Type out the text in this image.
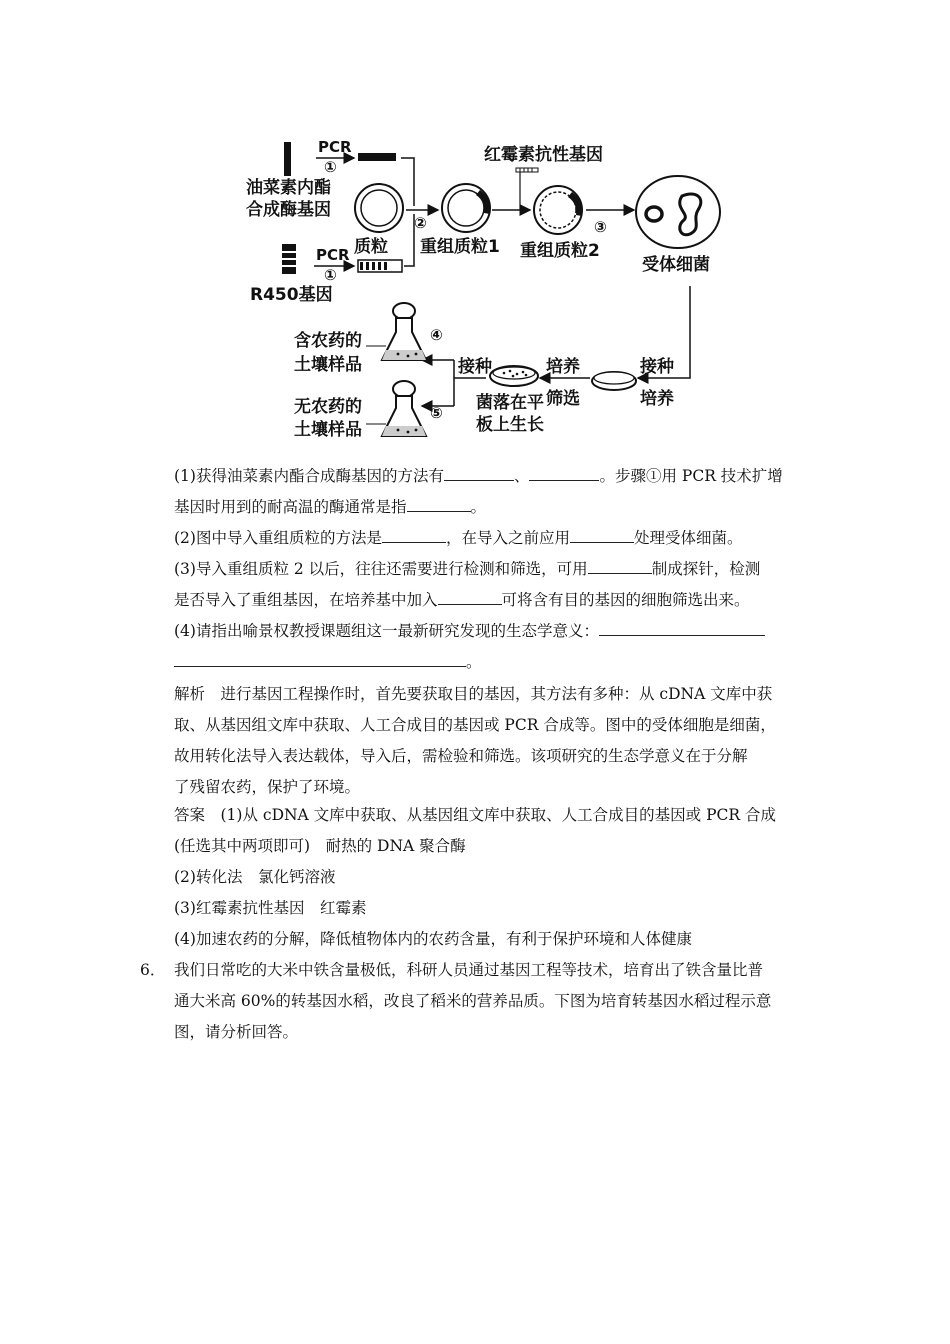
PCR
①
油菜素内酯
合成酶基因
质粒
②
重组质粒1
红霉素抗性基因
重组质粒2
③
受体细菌
R450基因
PCR
①
接种
培养
培养
筛选
菌落在平
板上生长
接种
④
⑤
含农药的
土壤样品
无农药的
土壤样品
(1)获得油菜素内酯合成酶基因的方法有	、	。步骤①用 PCR 技术扩增
基因时用到的耐高温的酶通常是指	。
(2)图中导入重组质粒的方法是	，在导入之前应用	处理受体细菌。
(3)导入重组质粒 2 以后，往往还需要进行检测和筛选，可用	制成探针，检测
是否导入了重组基因，在培养基中加入	可将含有目的基因的细胞筛选出来。
(4)请指出喻景权教授课题组这一最新研究发现的生态学意义：
。
解析　进行基因工程操作时，首先要获取目的基因，其方法有多种：从 cDNA 文库中获
取、从基因组文库中获取、人工合成目的基因或 PCR 合成等。图中的受体细胞是细菌，
故用转化法导入表达载体，导入后，需检验和筛选。该项研究的生态学意义在于分解
了残留农药，保护了环境。
答案　(1)从 cDNA 文库中获取、从基因组文库中获取、人工合成目的基因或 PCR 合成
(任选其中两项即可)　耐热的 DNA 聚合酶
(2)转化法　氯化钙溶液
(3)红霉素抗性基因　红霉素
(4)加速农药的分解，降低植物体内的农药含量，有利于保护环境和人体健康
6． 我们日常吃的大米中铁含量极低，科研人员通过基因工程等技术，培育出了铁含量比普
通大米高 60%的转基因水稻，改良了稻米的营养品质。下图为培育转基因水稻过程示意
图，请分析回答。
